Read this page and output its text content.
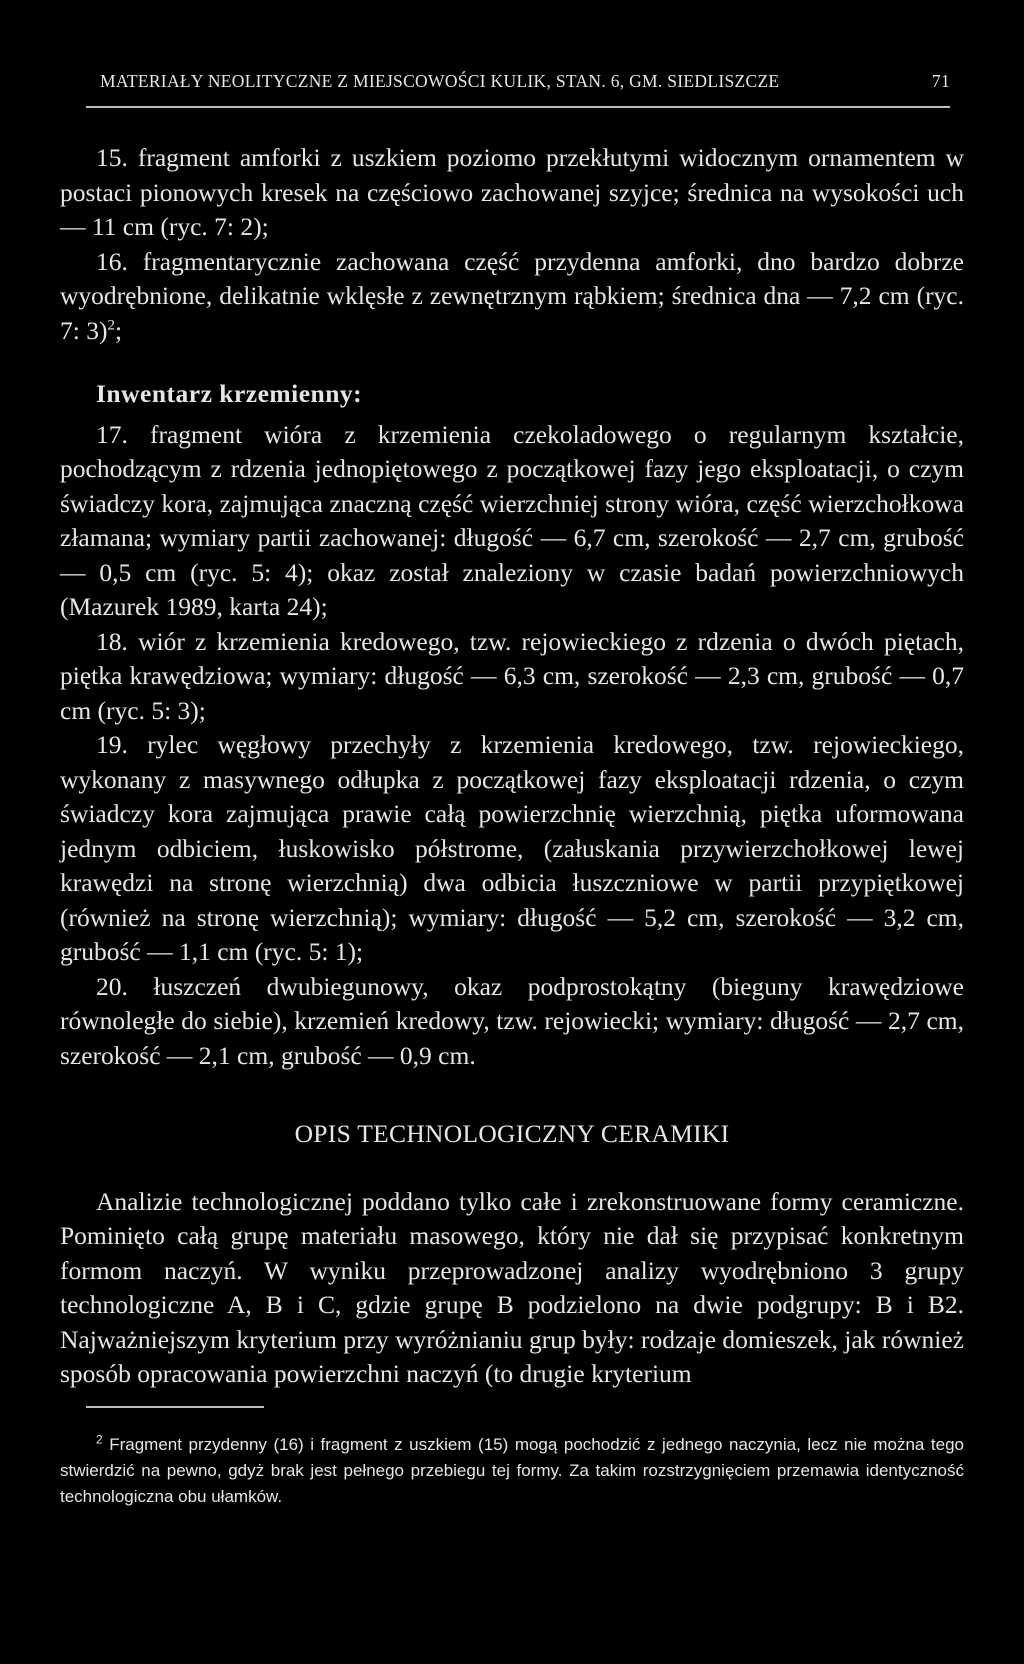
MATERIAŁY NEOLITYCZNE Z MIEJSCOWOŚCI KULIK, STAN. 6, GM. SIEDLISZCZE	71

15. fragment amforki z uszkiem poziomo przekłutymi widocznym ornamentem w postaci pionowych kresek na częściowo zachowanej szyjce; średnica na wysokości uch — 11 cm (ryc. 7: 2);

16. fragmentarycznie zachowana część przydenna amforki, dno bardzo dobrze wyodrębnione, delikatnie wklęsłe z zewnętrznym rąbkiem; średnica dna — 7,2 cm (ryc. 7: 3)$^2$;

Inwentarz krzemienny:

17. fragment wióra z krzemienia czekoladowego o regularnym kształcie, pochodzącym z rdzenia jednopiętowego z początkowej fazy jego eksploatacji, o czym świadczy kora, zajmująca znaczną część wierzchniej strony wióra, część wierzchołkowa złamana; wymiary partii zachowanej: długość — 6,7 cm, szerokość — 2,7 cm, grubość — 0,5 cm (ryc. 5: 4); okaz został znaleziony w czasie badań powierzchniowych (Mazurek 1989, karta 24);

18. wiór z krzemienia kredowego, tzw. rejowieckiego z rdzenia o dwóch piętach, piętka krawędziowa; wymiary: długość — 6,3 cm, szerokość — 2,3 cm, grubość — 0,7 cm (ryc. 5: 3);

19. rylec węgłowy przechyły z krzemienia kredowego, tzw. rejowieckiego, wykonany z masywnego odłupka z początkowej fazy eksploatacji rdzenia, o czym świadczy kora zajmująca prawie całą powierzchnię wierzchnią, piętka uformowana jednym odbiciem, łuskowisko półstrome, (załuskania przywierzchołkowej lewej krawędzi na stronę wierzchnią) dwa odbicia łuszczniowe w partii przypiętkowej (również na stronę wierzchnią); wymiary: długość — 5,2 cm, szerokość — 3,2 cm, grubość — 1,1 cm (ryc. 5: 1);

20. łuszczeń dwubiegunowy, okaz podprostokątny (bieguny krawędziowe równoległe do siebie), krzemień kredowy, tzw. rejowiecki; wymiary: długość — 2,7 cm, szerokość — 2,1 cm, grubość — 0,9 cm.

OPIS TECHNOLOGICZNY CERAMIKI

Analizie technologicznej poddano tylko całe i zrekonstruowane formy ceramiczne. Pominięto całą grupę materiału masowego, który nie dał się przypisać konkretnym formom naczyń. W wyniku przeprowadzonej analizy wyodrębniono 3 grupy technologiczne A, B i C, gdzie grupę B podzielono na dwie podgrupy: B i B2. Najważniejszym kryterium przy wyróżnianiu grup były: rodzaje domieszek, jak również sposób opracowania powierzchni naczyń (to drugie kryterium

$^2$ Fragment przydenny (16) i fragment z uszkiem (15) mogą pochodzić z jednego naczynia, lecz nie można tego stwierdzić na pewno, gdyż brak jest pełnego przebiegu tej formy. Za takim rozstrzygnięciem przemawia identyczność technologiczna obu ułamków.
